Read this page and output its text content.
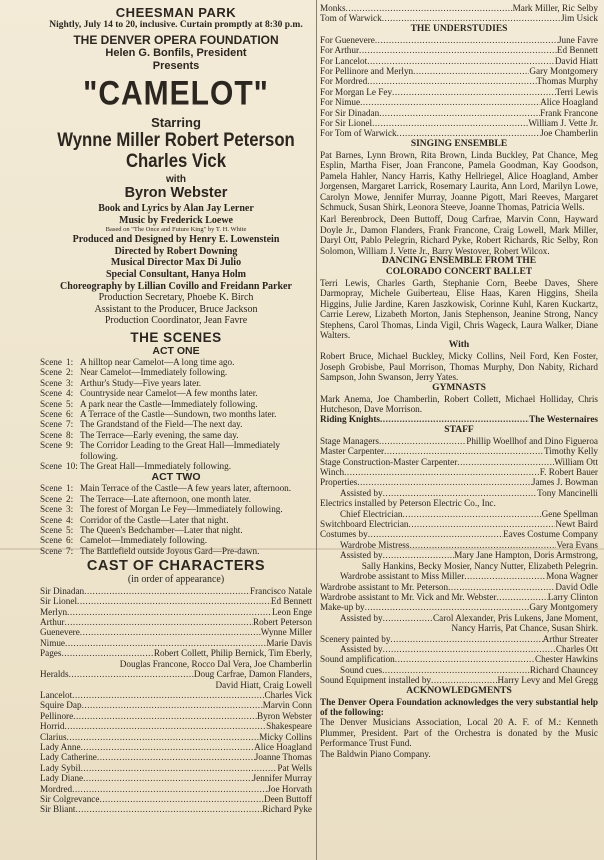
CHEESMAN PARK
Nightly, July 14 to 20, inclusive. Curtain promptly at 8:30 p.m.
THE DENVER OPERA FOUNDATION
Helen G. Bonfils, President
Presents
"CAMELOT"
Starring
Wynne Miller Robert Peterson
Charles Vick
with
Byron Webster
Book and Lyrics by Alan Jay Lerner
Music by Frederick Loewe
Based on "The Once and Future King" by T. H. White
Produced and Designed by Henry E. Lowenstein
Directed by Robert Downing
Musical Director Max Di Julio
Special Consultant, Hanya Holm
Choreography by Lillian Covillo and Freidann Parker
Production Secretary, Phoebe K. Birch
Assistant to the Producer, Bruce Jackson
Production Coordinator, Jean Favre
THE SCENES
ACT ONE
Scene 1: A hilltop near Camelot—A long time ago.
Scene 2: Near Camelot—Immediately following.
Scene 3: Arthur's Study—Five years later.
Scene 4: Countryside near Camelot—A few months later.
Scene 5: A park near the Castle—Immediately following.
Scene 6: A Terrace of the Castle—Sundown, two months later.
Scene 7: The Grandstand of the Field—The next day.
Scene 8: The Terrace—Early evening, the same day.
Scene 9: The Corridor Leading to the Great Hall—Immediately following.
Scene 10: The Great Hall—Immediately following.
ACT TWO
Scene 1: Main Terrace of the Castle—A few years later, afternoon.
Scene 2: The Terrace—Late afternoon, one month later.
Scene 3: The forest of Morgan Le Fey—Immediately following.
Scene 4: Corridor of the Castle—Later that night.
Scene 5: The Queen's Bedchamber—Later that night.
Scene 6: Camelot—Immediately following.
Scene 7: The Battlefield outside Joyous Gard—Pre-dawn.
CAST OF CHARACTERS
(in order of appearance)
Sir Dinadan .....	Francisco Natale
Sir Lionel .....	Ed Bennett
Merlyn .....	Leon Enge
Arthur .....	Robert Peterson
Guenevere .....	Wynne Miller
Nimue .....	Marie Davis
Pages .....	Robert Collett, Philip Bernick, Tim Eberly,
Douglas Francone, Rocco Dal Vera, Joe Chamberlin
Heralds .....	Doug Carfrae, Damon Flanders,
David Hiatt, Craig Lowell
Lancelot .....	Charles Vick
Squire Dap .....	Marvin Conn
Pellinore .....	Byron Webster
Horrid .....	Shakespeare
Clarius .....	Micky Collins
Lady Anne .....	Alice Hoagland
Lady Catherine .....	Joanne Thomas
Lady Sybil .....	Pat Wells
Lady Diane .....	Jennifer Murray
Mordred .....	Joe Horvath
Sir Colgrevance .....	Deen Buttoff
Sir Bliant .....	Richard Pyke
Monks .....	Mark Miller, Ric Selby
Tom of Warwick .....	Jim Usick
THE UNDERSTUDIES
For Guenevere .....	June Favre
For Arthur .....	Ed Bennett
For Lancelot .....	David Hiatt
For Pellinore and Merlyn .....	Gary Montgomery
For Mordred .....	Thomas Murphy
For Morgan Le Fey .....	Terri Lewis
For Nimue .....	Alice Hoagland
For Sir Dinadan .....	Frank Francone
For Sir Lionel .....	William J. Vette Jr.
For Tom of Warwick .....	Joe Chamberlin
SINGING ENSEMBLE
Pat Barnes, Lynn Brown, Rita Brown, Linda Buckley, Pat Chance, Meg Esplin, Martha Fiser, Joan Francone, Pamela Goodman, Kay Goodson, Pamela Hahler, Nancy Harris, Kathy Hellriegel, Alice Hoagland, Amber Jorgensen, Margaret Larrick, Rosemary Laurita, Ann Lord, Marilyn Lowe, Carolyn Mowe, Jennifer Murray, Joanne Pigott, Mari Reeves, Margaret Schmuck, Susan Shirk, Leonora Steeve, Joanne Thomas, Patricia Wells.
Karl Berenbrock, Deen Buttoff, Doug Carfrae, Marvin Conn, Hayward Doyle Jr., Damon Flanders, Frank Francone, Craig Lowell, Mark Miller, Daryl Ott, Pablo Pelegrin, Richard Pyke, Robert Richards, Ric Selby, Ron Solomon, William J. Vette Jr., Barry Westover, Robert Wilcox.
DANCING ENSEMBLE FROM THE
COLORADO CONCERT BALLET
Terri Lewis, Charles Garth, Stephanie Corn, Beebe Daves, Shere Darmopray, Michele Guiberteau, Elise Haas, Karen Higgins, Sheila Higgins, Julie Jardine, Karen Jaszkowisk, Corinne Kuhl, Karen Kuckartz, Carrie Lerew, Lizabeth Morton, Janis Stephenson, Jeanine Strong, Nancy Stephens, Carol Thomas, Linda Vigil, Chris Wageck, Laura Walker, Diane Walters.
With
Robert Bruce, Michael Buckley, Micky Collins, Neil Ford, Ken Foster, Joseph Grobisbe, Paul Morrison, Thomas Murphy, Don Nabity, Richard Sampson, John Swanson, Jerry Yates.
GYMNASTS
Mark Anema, Joe Chamberlin, Robert Collett, Michael Holliday, Chris Hutcheson, Dave Morrison.
Riding Knights .....	The Westernaires
STAFF
Stage Managers .....	Phillip Woellhof and Dino Figueroa
Master Carpenter .....	Timothy Kelly
Stage Construction-Master Carpenter .....	William Ott
Winch .....	F. Robert Bauer
Properties .....	James J. Bowman
Assisted by .....	Tony Mancinelli
Electrics installed by Peterson Electric Co., Inc.
Chief Electrician .....	Gene Spellman
Switchboard Electrician .....	Newt Baird
Costumes by .....	Eaves Costume Company
Wardrobe Mistress .....	Vera Evans
Assisted by .....	Mary Jane Hampton, Doris Armstrong,
Sally Hankins, Becky Mosier, Nancy Nutter, Elizabeth Pelegrin.
Wardrobe assistant to Miss Miller .....	Mona Wagner
Wardrobe assistant to Mr. Peterson .....	David Odle
Wardrobe assistant to Mr. Vick and Mr. Webster .....	Larry Clinton
Make-up by .....	Gary Montgomery
Assisted by .....	Carol Alexander, Pris Lukens, Jane Moment,
Nancy Harris, Pat Chance, Susan Shirk.
Scenery painted by .....	Arthur Streater
Assisted by .....	Charles Ott
Sound amplification .....	Chester Hawkins
Sound cues .....	Richard Chauncey
Sound Equipment installed by .....	Harry Levy and Mel Gregg
ACKNOWLEDGMENTS
The Denver Opera Foundation acknowledges the very substantial help of the following:
The Denver Musicians Association, Local 20 A. F. of M.: Kenneth Plummer, President. Part of the Orchestra is donated by the Music Performance Trust Fund.
The Baldwin Piano Company.
